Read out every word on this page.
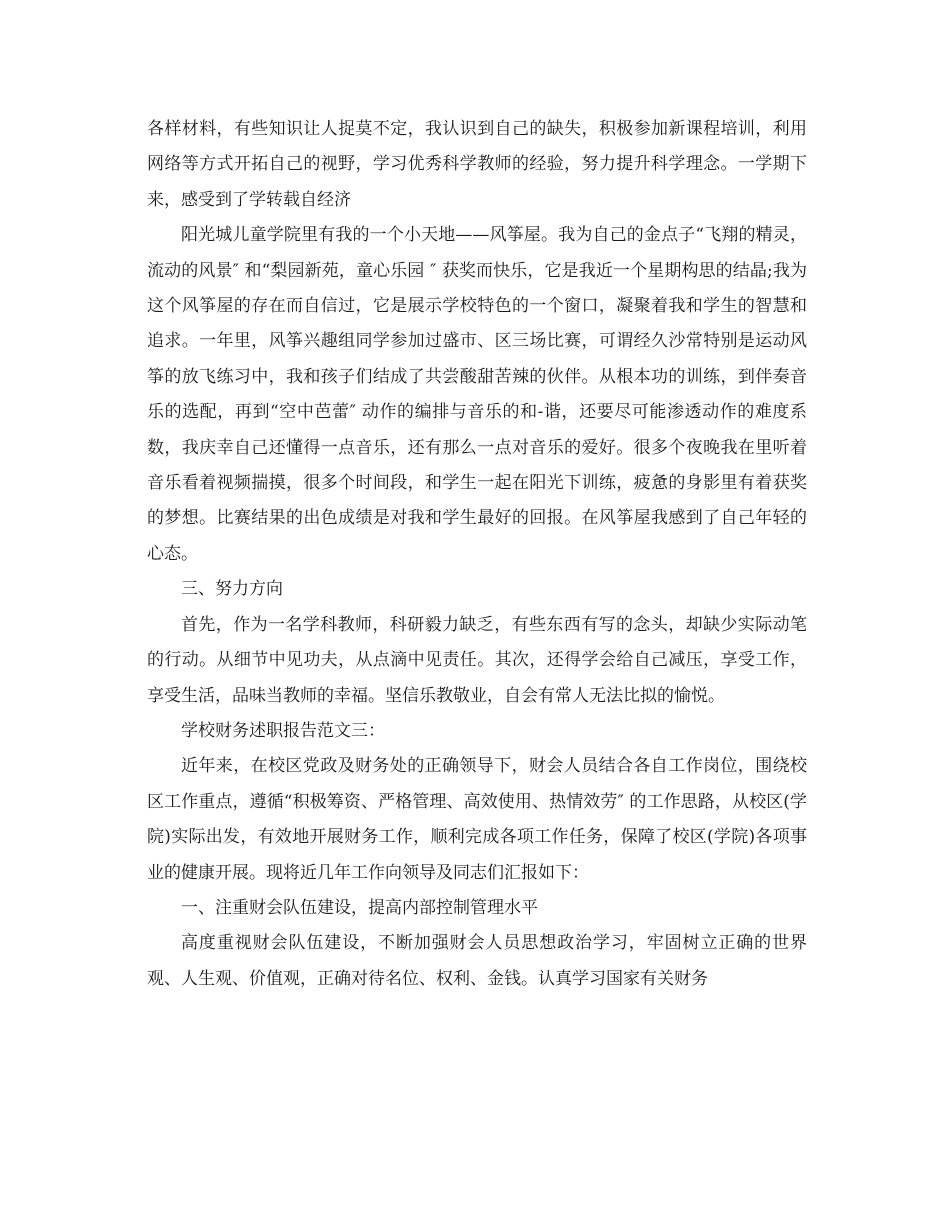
各样材料，有些知识让人捉莫不定，我认识到自己的缺失，积极参加新课程培训，利用网络等方式开拓自己的视野，学习优秀科学教师的经验，努力提升科学理念。一学期下来，感受到了学转载自经济

阳光城儿童学院里有我的一个小天地——风筝屋。我为自己的金点子“飞翔的精灵，流动的风景″ 和“梨园新苑，童心乐园 ″ 获奖而快乐，它是我近一个星期构思的结晶;我为这个风筝屋的存在而自信过，它是展示学校特色的一个窗口，凝聚着我和学生的智慧和追求。一年里，风筝兴趣组同学参加过盛市、区三场比赛，可谓经久沙常特别是运动风筝的放飞练习中，我和孩子们结成了共尝酸甜苦辣的伙伴。从根本功的训练，到伴奏音乐的选配，再到“空中芭蕾″ 动作的编排与音乐的和-谐，还要尽可能渗透动作的难度系数，我庆幸自己还懂得一点音乐，还有那么一点对音乐的爱好。很多个夜晚我在里听着音乐看着视频揣摸，很多个时间段，和学生一起在阳光下训练，疲惫的身影里有着获奖的梦想。比赛结果的出色成绩是对我和学生最好的回报。在风筝屋我感到了自己年轻的心态。

三、努力方向

首先，作为一名学科教师，科研毅力缺乏，有些东西有写的念头，却缺少实际动笔的行动。从细节中见功夫，从点滴中见责任。其次，还得学会给自己减压，享受工作，享受生活，品味当教师的幸福。坚信乐教敬业，自会有常人无法比拟的愉悦。

学校财务述职报告范文三：

近年来，在校区党政及财务处的正确领导下，财会人员结合各自工作岗位，围绕校区工作重点，遵循“积极筹资、严格管理、高效使用、热情效劳″ 的工作思路，从校区(学院)实际出发，有效地开展财务工作，顺利完成各项工作任务，保障了校区(学院)各项事业的健康开展。现将近几年工作向领导及同志们汇报如下：

一、注重财会队伍建设，提高内部控制管理水平

高度重视财会队伍建设，不断加强财会人员思想政治学习，牢固树立正确的世界观、人生观、价值观，正确对待名位、权利、金钱。认真学习国家有关财务
